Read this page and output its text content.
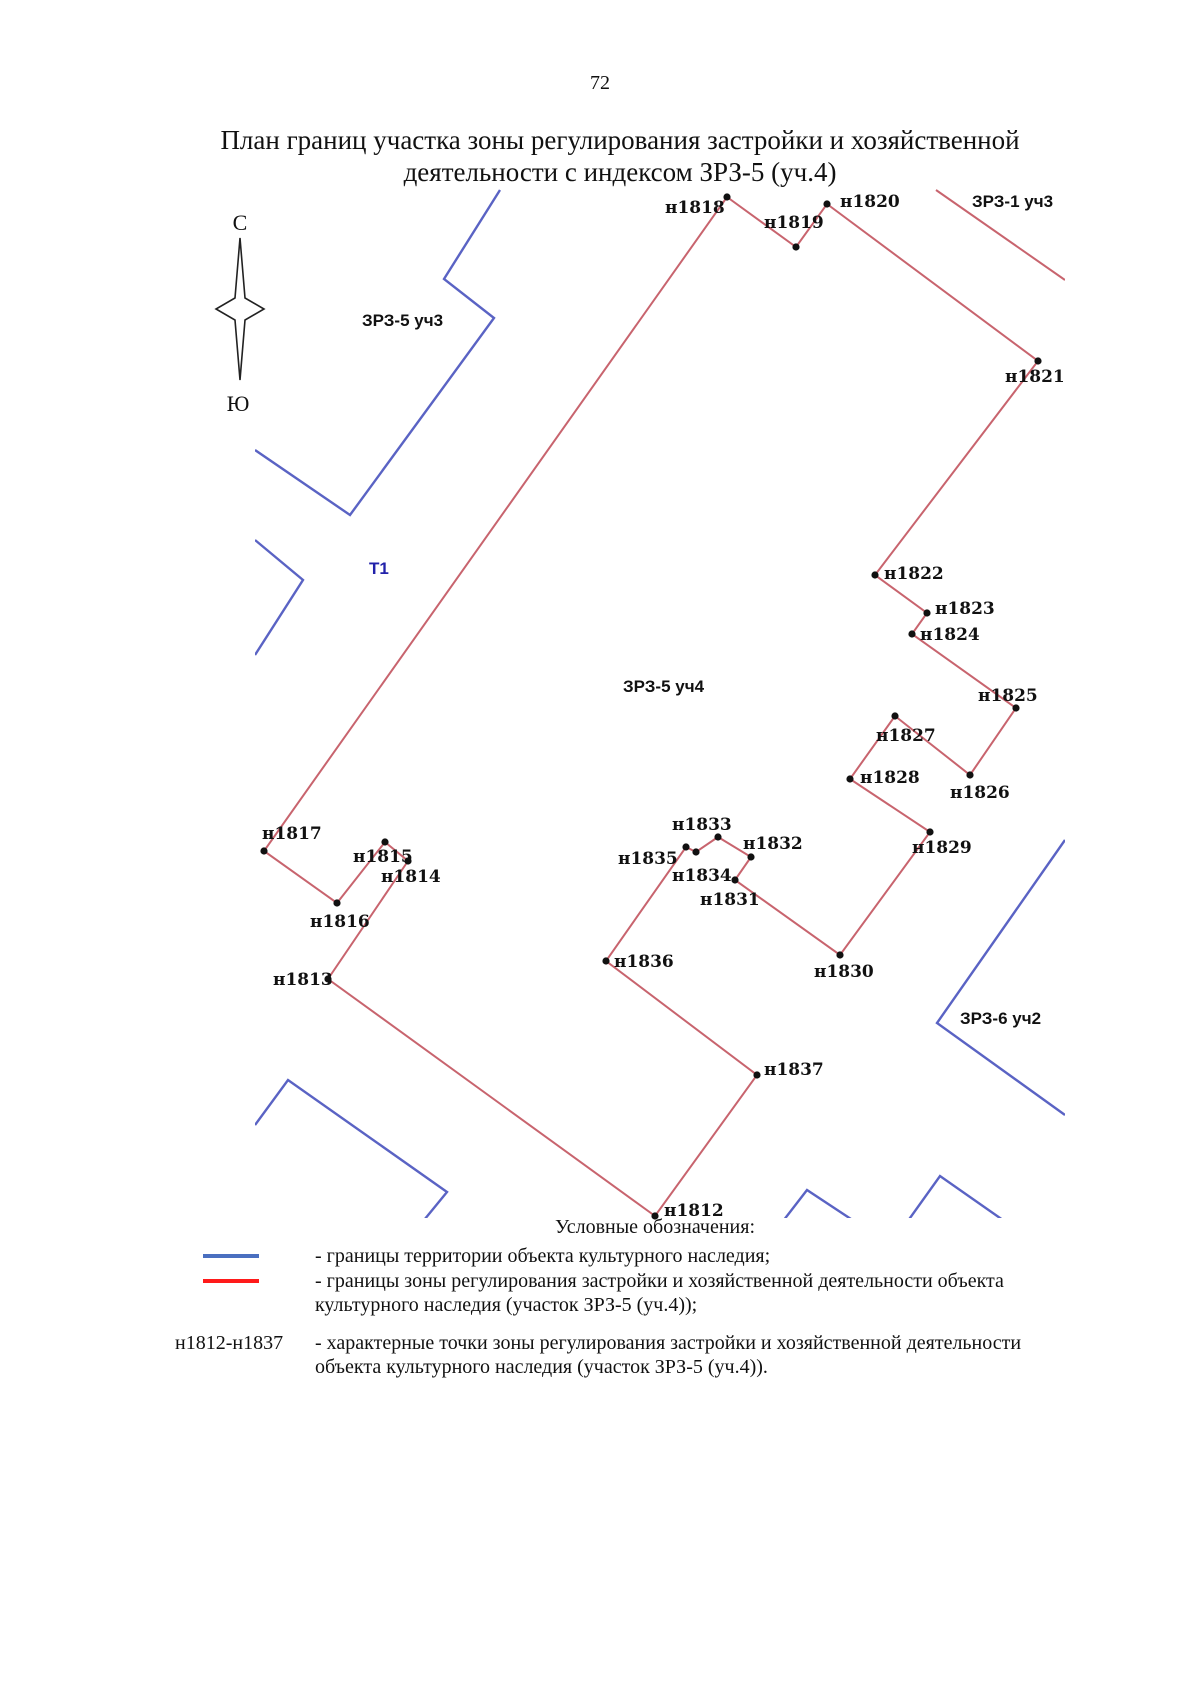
72
План границ участка зоны регулирования застройки и хозяйственной
деятельности с индексом ЗРЗ-5 (уч.4)
С
Ю
н1812
н1813
н1814
н1815
н1816
н1817
н1818
н1819
н1820
н1821
н1822
н1823
н1824
н1825
н1826
н1827
н1828
н1829
н1830
н1831
н1832
н1833
н1834
н1835
н1836
н1837
ЗРЗ-5 уч3
ЗРЗ-1 уч3
Т1
ЗРЗ-5 уч4
ЗРЗ-6 уч2
Условные обозначения:
- границы территории объекта культурного наследия;
- границы зоны регулирования застройки и хозяйственной деятельности объекта
культурного наследия (участок ЗРЗ-5 (уч.4));
н1812-н1837	- характерные точки зоны регулирования застройки и хозяйственной деятельности
объекта культурного наследия (участок ЗРЗ-5 (уч.4)).
